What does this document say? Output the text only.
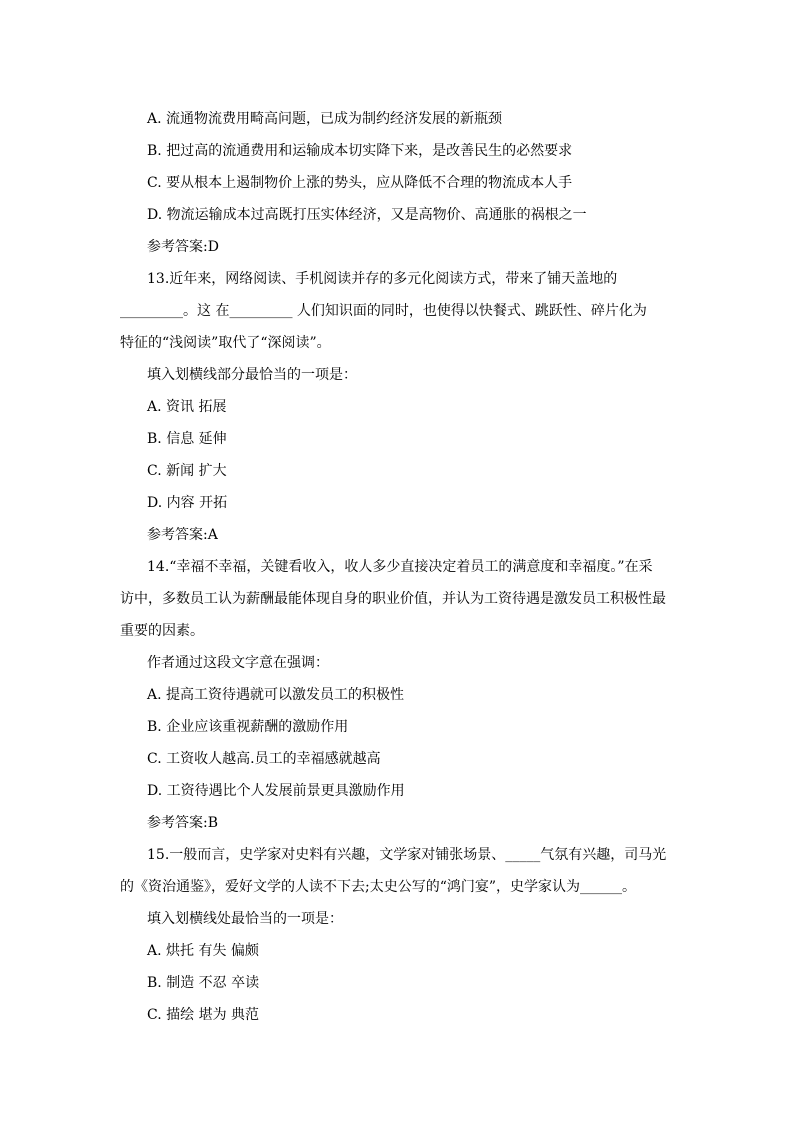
A. 流通物流费用畸高问题，已成为制约经济发展的新瓶颈
B. 把过高的流通费用和运输成本切实降下来，是改善民生的必然要求
C. 要从根本上遏制物价上涨的势头，应从降低不合理的物流成本人手
D. 物流运输成本过高既打压实体经济，又是高物价、高通胀的祸根之一
参考答案:D
13.近年来，网络阅读、手机阅读并存的多元化阅读方式，带来了铺天盖地的
_________。这 在_________ 人们知识面的同时，也使得以快餐式、跳跃性、碎片化为
特征的“浅阅读”取代了“深阅读”。
填入划横线部分最恰当的一项是：
A. 资讯 拓展
B. 信息 延伸
C. 新闻 扩大
D. 内容 开拓
参考答案:A
14.“幸福不幸福，关键看收入，收人多少直接决定着员工的满意度和幸福度。”在采
访中，多数员工认为薪酬最能体现自身的职业价值，并认为工资待遇是激发员工积极性最
重要的因素。
作者通过这段文字意在强调：
A. 提高工资待遇就可以激发员工的积极性
B. 企业应该重视薪酬的激励作用
C. 工资收人越高.员工的幸福感就越高
D. 工资待遇比个人发展前景更具激励作用
参考答案:B
15.一般而言，史学家对史料有兴趣，文学家对铺张场景、_____气氛有兴趣，司马光
的《资治通鉴》，爱好文学的人读不下去;太史公写的“鸿门宴”，史学家认为______。
填入划横线处最恰当的一项是：
A. 烘托 有失 偏颇
B. 制造 不忍 卒读
C. 描绘 堪为 典范
